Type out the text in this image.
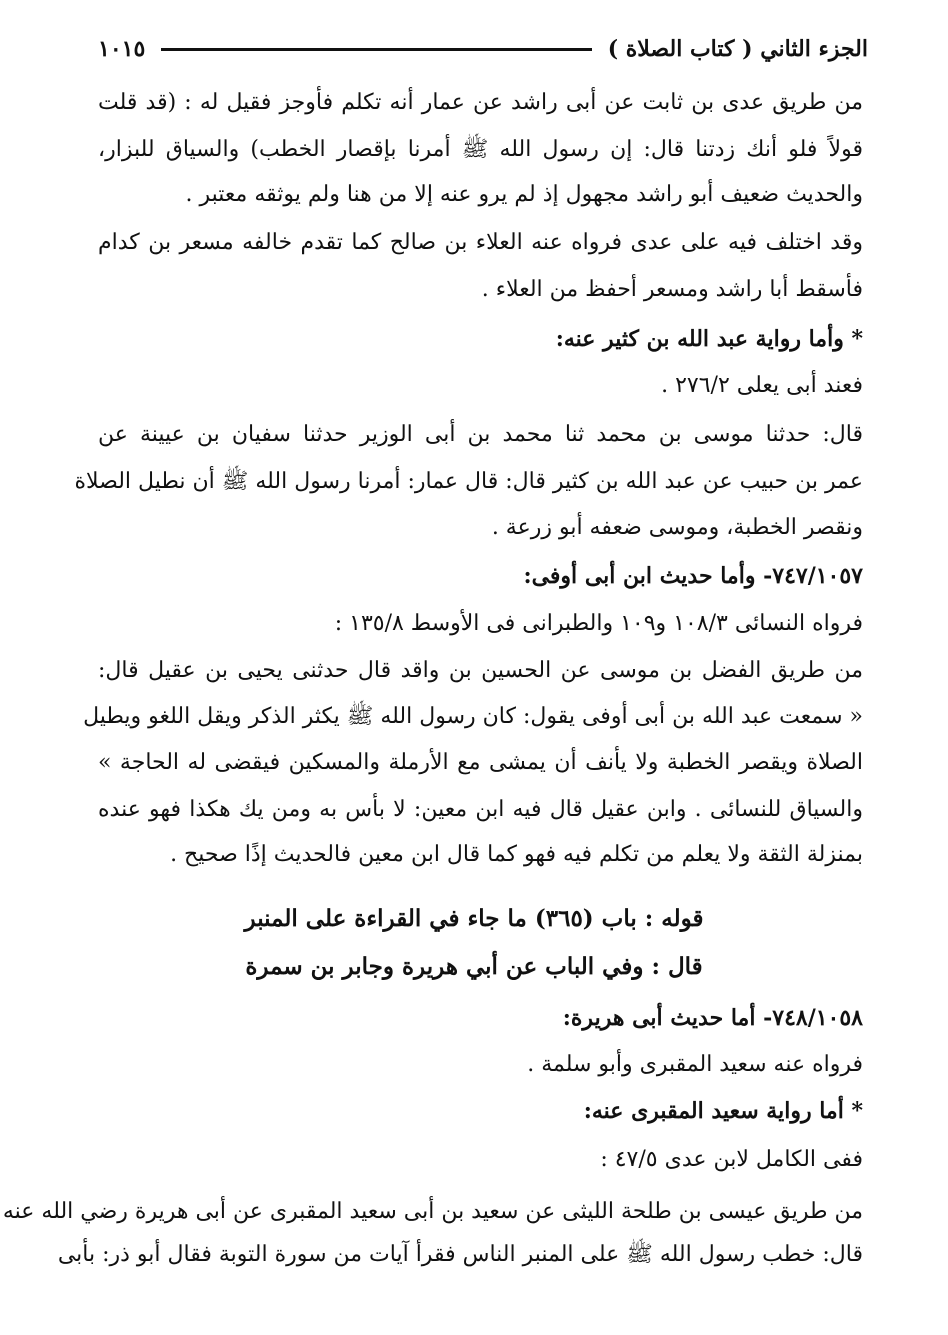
الجزء الثاني ( كتاب الصلاة )
١٠١٥
من طريق عدى بن ثابت عن أبى راشد عن عمار أنه تكلم فأوجز فقيل له : (قد قلت
قولاً فلو أنك زدتنا قال: إن رسول الله ﷺ أمرنا بإقصار الخطب) والسياق للبزار،
والحديث ضعيف أبو راشد مجهول إذ لم يرو عنه إلا من هنا ولم يوثقه معتبر .
وقد اختلف فيه على عدى فرواه عنه العلاء بن صالح كما تقدم خالفه مسعر بن كدام
فأسقط أبا راشد ومسعر أحفظ من العلاء .
* وأما رواية عبد الله بن كثير عنه:
فعند أبى يعلى ٢٧٦/٢ .
قال: حدثنا موسى بن محمد ثنا محمد بن أبى الوزير حدثنا سفيان بن عيينة عن
عمر بن حبيب عن عبد الله بن كثير قال: قال عمار: أمرنا رسول الله ﷺ أن نطيل الصلاة
ونقصر الخطبة، وموسى ضعفه أبو زرعة .
٧٤٧/١٠٥٧- وأما حديث ابن أبى أوفى:
فرواه النسائى ١٠٨/٣ و١٠٩ والطبرانى فى الأوسط ١٣٥/٨ :
من طريق الفضل بن موسى عن الحسين بن واقد قال حدثنى يحيى بن عقيل قال:
« سمعت عبد الله بن أبى أوفى يقول: كان رسول الله ﷺ يكثر الذكر ويقل اللغو ويطيل
الصلاة ويقصر الخطبة ولا يأنف أن يمشى مع الأرملة والمسكين فيقضى له الحاجة »
والسياق للنسائى . وابن عقيل قال فيه ابن معين: لا بأس به ومن يك هكذا فهو عنده
بمنزلة الثقة ولا يعلم من تكلم فيه فهو كما قال ابن معين فالحديث إذًا صحيح .
قوله : باب (٣٦٥) ما جاء في القراءة على المنبر
قال : وفي الباب عن أبي هريرة وجابر بن سمرة
٧٤٨/١٠٥٨- أما حديث أبى هريرة:
فرواه عنه سعيد المقبرى وأبو سلمة .
* أما رواية سعيد المقبرى عنه:
ففى الكامل لابن عدى ٤٧/٥ :
من طريق عيسى بن طلحة الليثى عن سعيد بن أبى سعيد المقبرى عن أبى هريرة رضي الله عنه
قال: خطب رسول الله ﷺ على المنبر الناس فقرأ آيات من سورة التوبة فقال أبو ذر: بأبى
